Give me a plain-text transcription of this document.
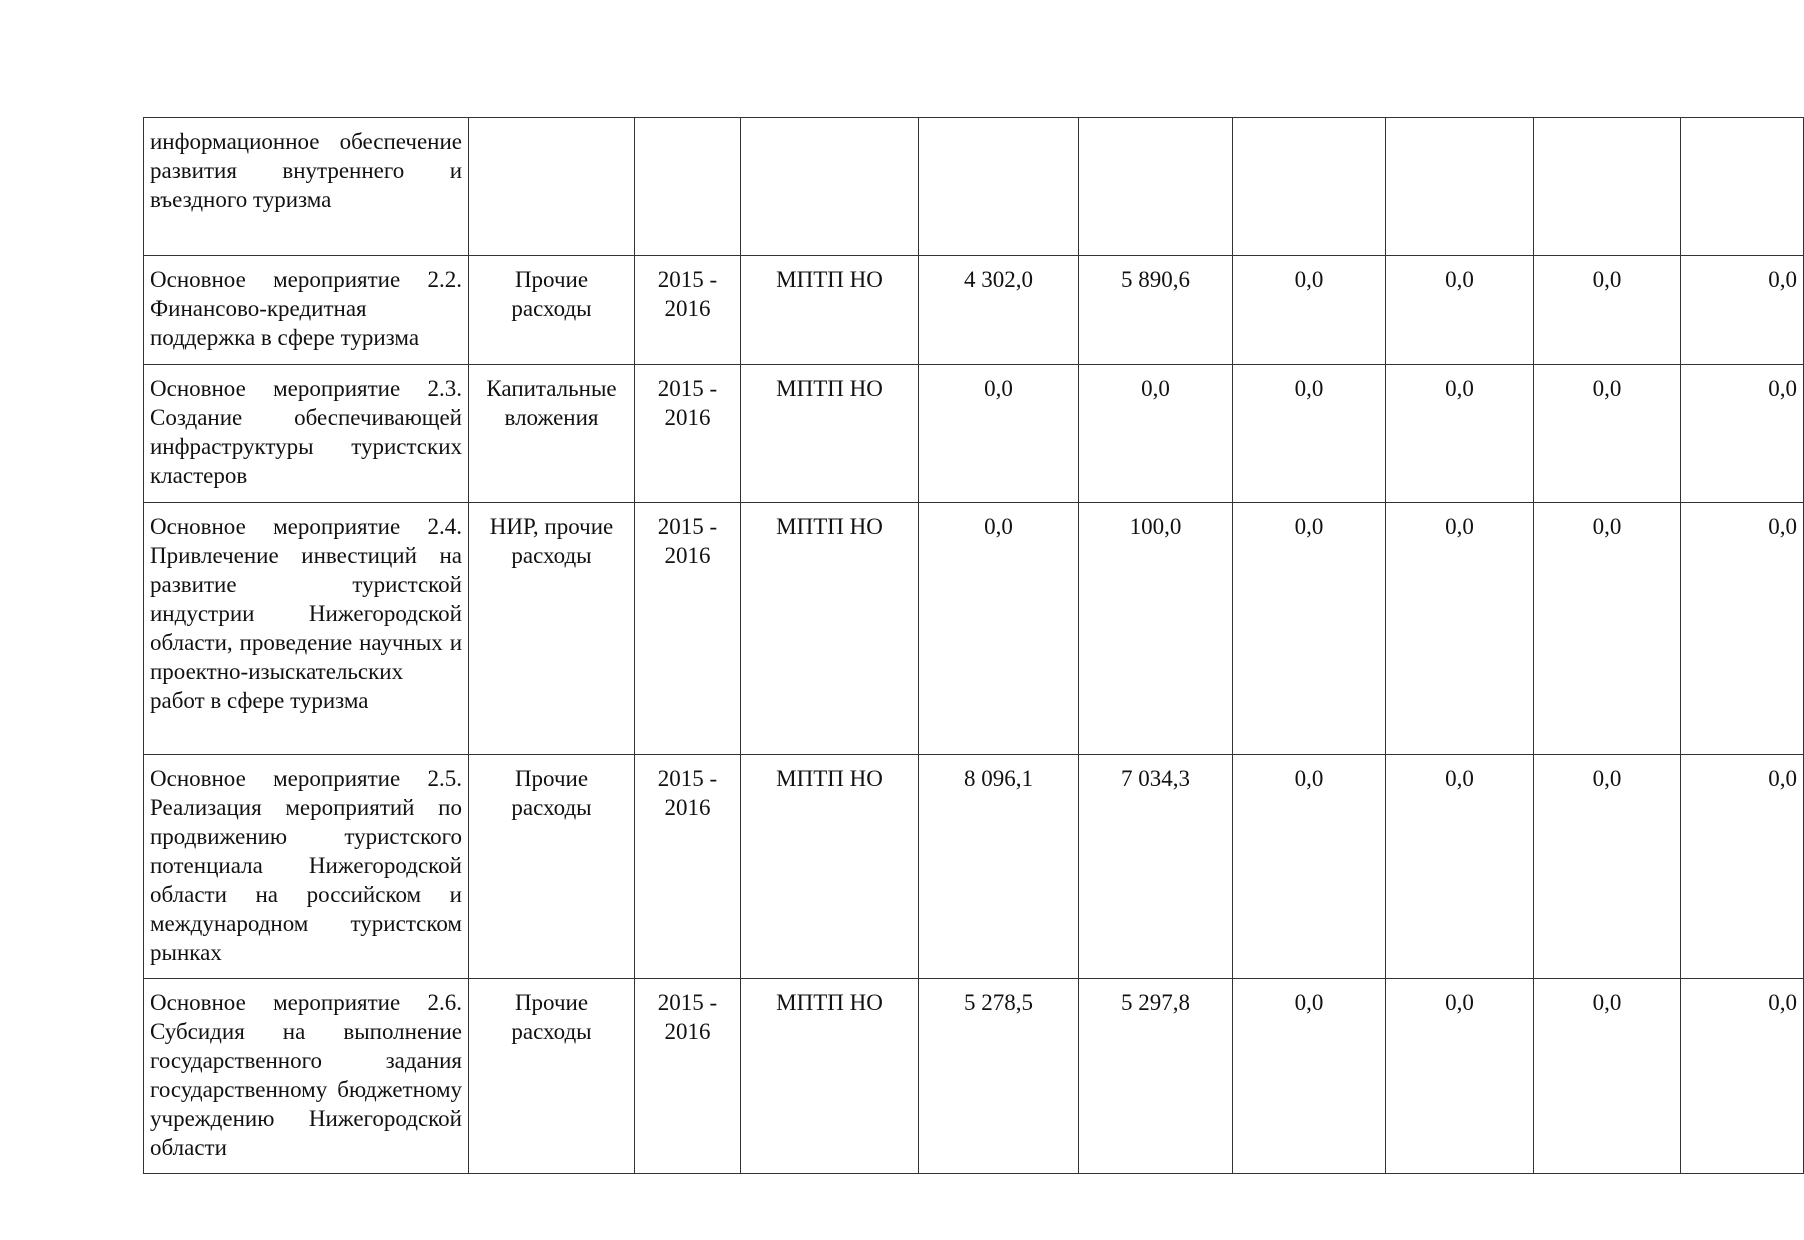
информационное обеспечение развития внутреннего и въездного туризма									

Основное мероприятие 2.2. Финансово-кредитная поддержка в сфере туризма	Прочие расходы	2015 - 2016	МПТП НО	4 302,0	5 890,6	0,0	0,0	0,0	0,0

Основное мероприятие 2.3. Создание обеспечивающей инфраструктуры туристских кластеров	Капитальные вложения	2015 - 2016	МПТП НО	0,0	0,0	0,0	0,0	0,0	0,0

Основное мероприятие 2.4. Привлечение инвестиций на развитие туристской индустрии Нижегородской области, проведение научных и проектно-изыскательских работ в сфере туризма	НИР, прочие расходы	2015 - 2016	МПТП НО	0,0	100,0	0,0	0,0	0,0	0,0

Основное мероприятие 2.5. Реализация мероприятий по продвижению туристского потенциала Нижегородской области на российском и международном туристском рынках	Прочие расходы	2015 - 2016	МПТП НО	8 096,1	7 034,3	0,0	0,0	0,0	0,0

Основное мероприятие 2.6. Субсидия на выполнение государственного задания государственному бюджетному учреждению Нижегородской области	Прочие расходы	2015 - 2016	МПТП НО	5 278,5	5 297,8	0,0	0,0	0,0	0,0
